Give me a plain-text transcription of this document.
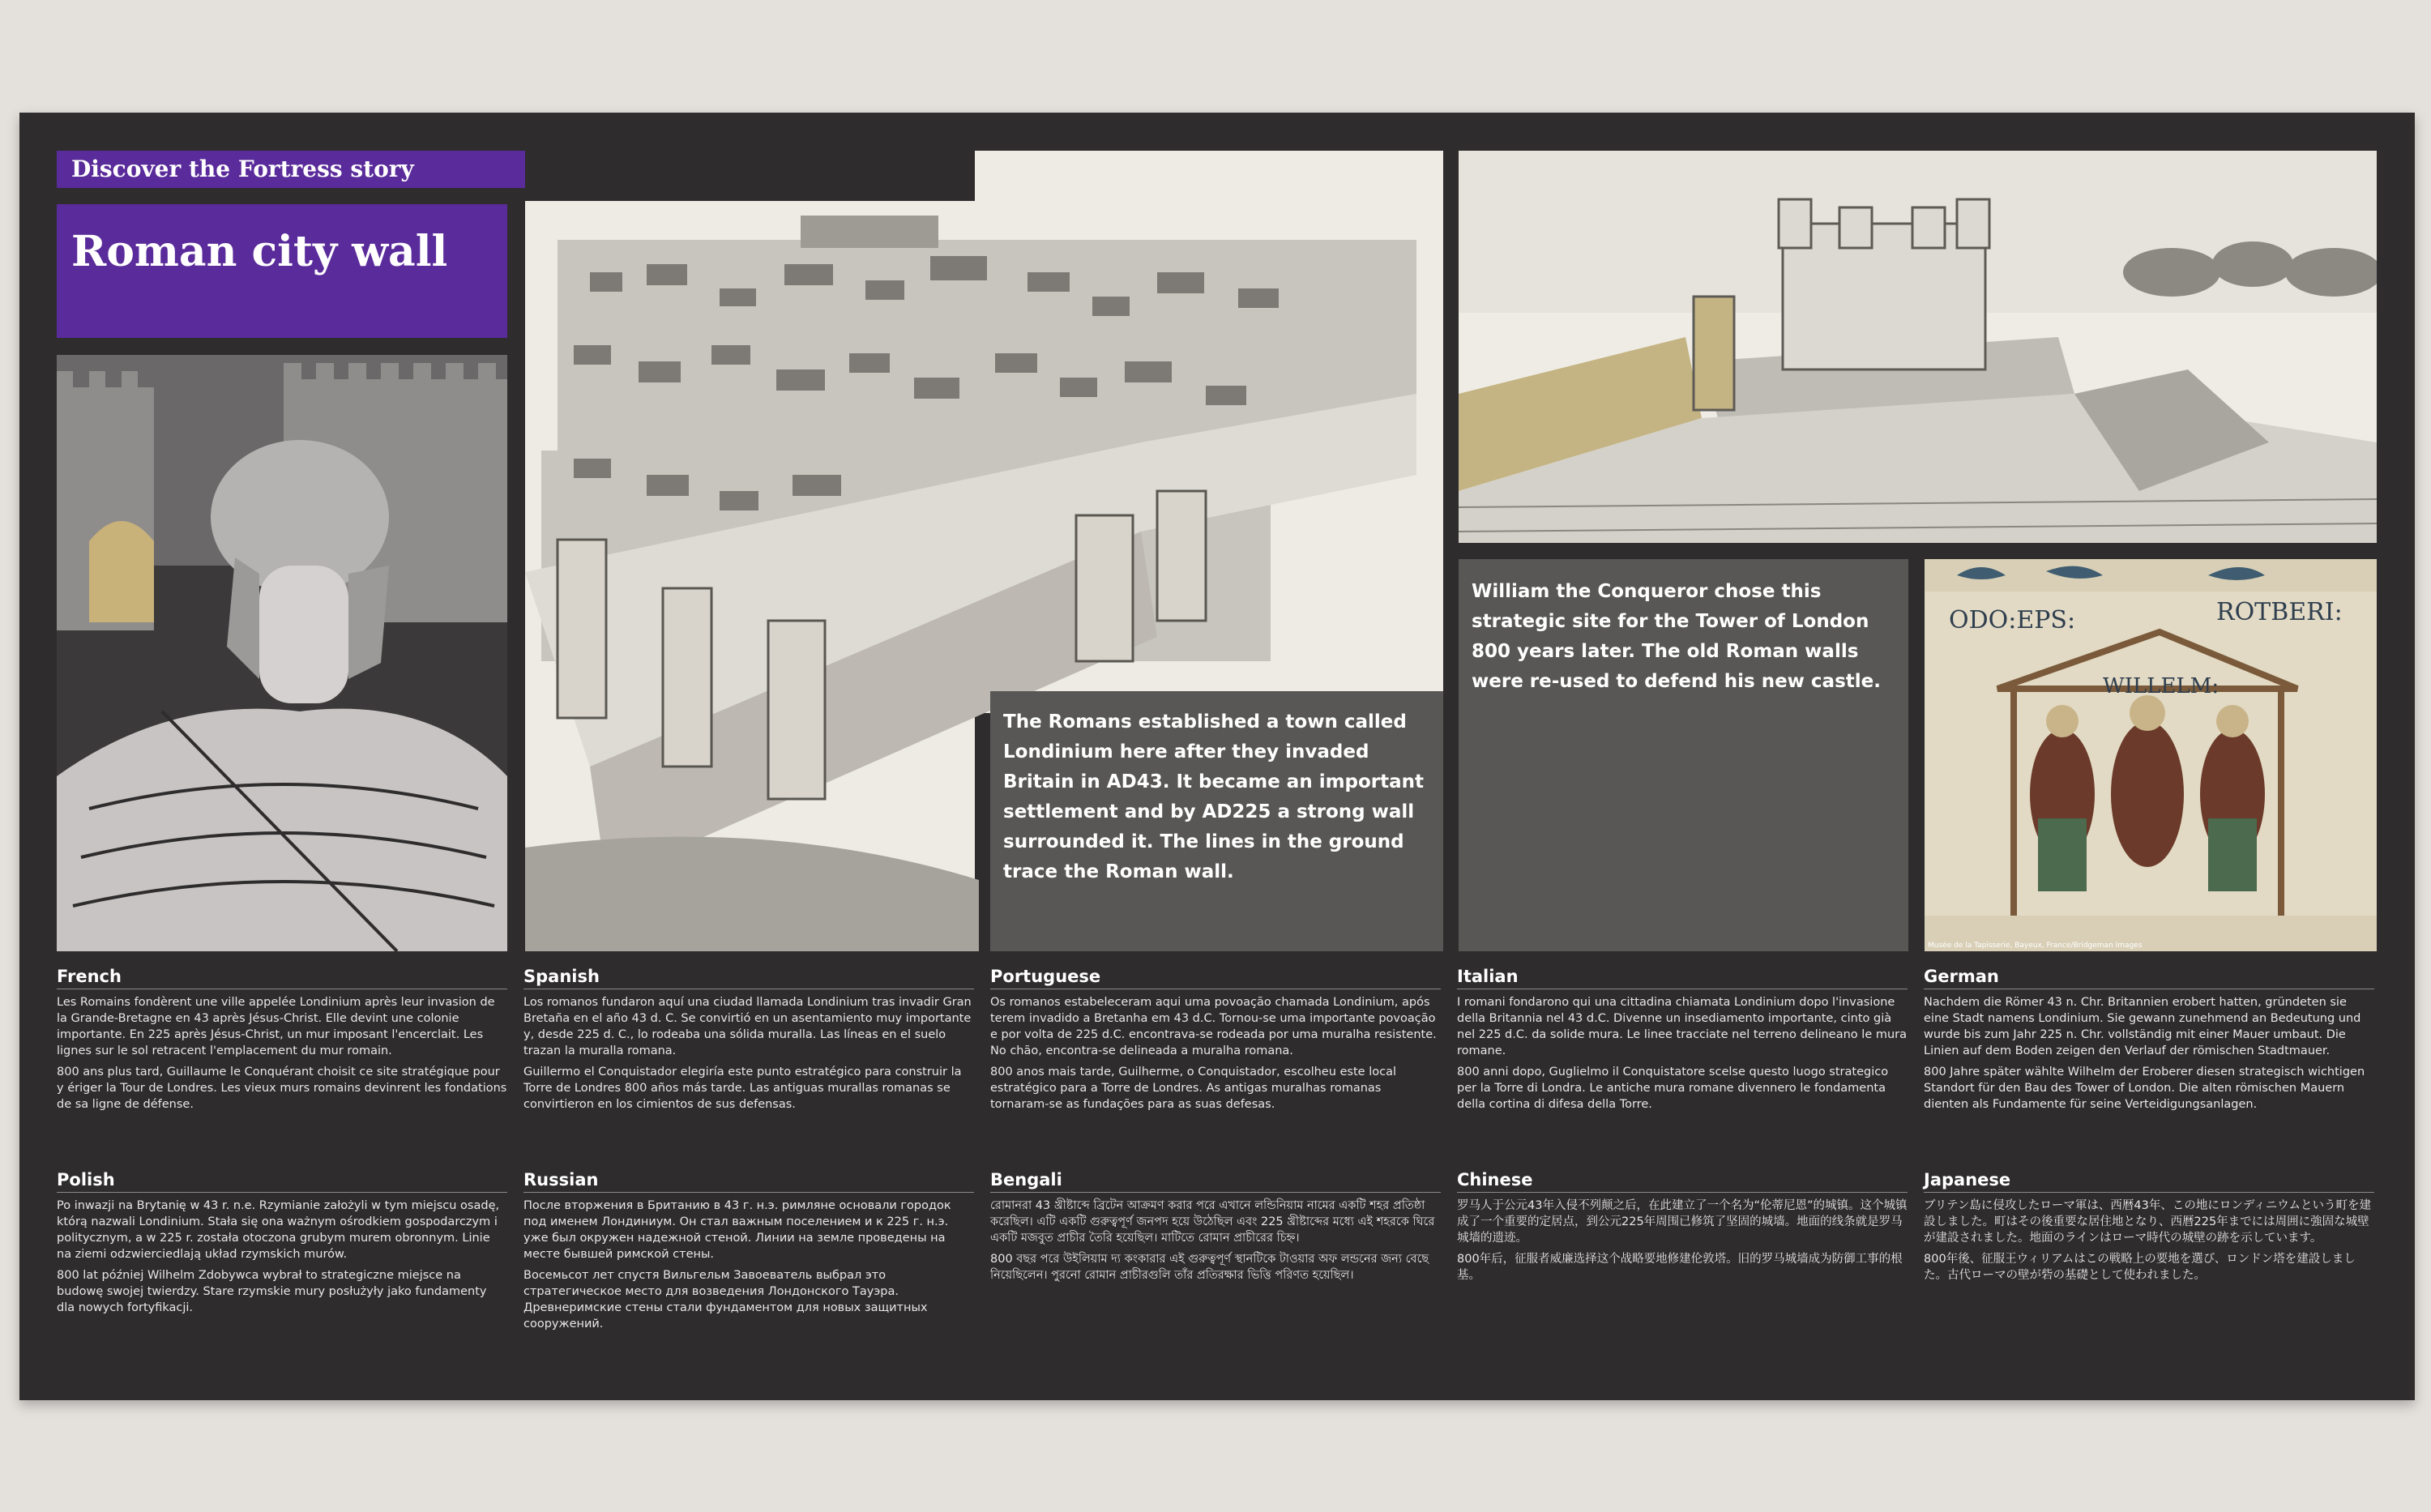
Discover the Fortress story
Roman city wall
The Romans established a town called Londinium here after they invaded Britain in AD43. It became an important settlement and by AD225 a strong wall surrounded it. The lines in the ground trace the Roman wall.
William the Conqueror chose this strategic site for the Tower of London 800 years later. The old Roman walls were re-used to defend his new castle.
ODO:EPS:	ROTBERI:
WILLELM:
Musée de la Tapisserie, Bayeux, France/Bridgeman Images
French

Les Romains fondèrent une ville appelée Londinium après leur invasion de la Grande-Bretagne en 43 après Jésus-Christ. Elle devint une colonie importante. En 225 après Jésus-Christ, un mur imposant l'encerclait. Les lignes sur le sol retracent l'emplacement du mur romain.

800 ans plus tard, Guillaume le Conquérant choisit ce site stratégique pour y ériger la Tour de Londres. Les vieux murs romains devinrent les fondations de sa ligne de défense.

Spanish

Los romanos fundaron aquí una ciudad llamada Londinium tras invadir Gran Bretaña en el año 43 d. C. Se convirtió en un asentamiento muy importante y, desde 225 d. C., lo rodeaba una sólida muralla. Las líneas en el suelo trazan la muralla romana.

Guillermo el Conquistador elegiría este punto estratégico para construir la Torre de Londres 800 años más tarde. Las antiguas murallas romanas se convirtieron en los cimientos de sus defensas.

Portuguese

Os romanos estabeleceram aqui uma povoação chamada Londinium, após terem invadido a Bretanha em 43 d.C. Tornou-se uma importante povoação e por volta de 225 d.C. encontrava-se rodeada por uma muralha resistente. No chão, encontra-se delineada a muralha romana.

800 anos mais tarde, Guilherme, o Conquistador, escolheu este local estratégico para a Torre de Londres. As antigas muralhas romanas tornaram-se as fundações para as suas defesas.

Italian

I romani fondarono qui una cittadina chiamata Londinium dopo l'invasione della Britannia nel 43 d.C. Divenne un insediamento importante, cinto già nel 225 d.C. da solide mura. Le linee tracciate nel terreno delineano le mura romane.

800 anni dopo, Guglielmo il Conquistatore scelse questo luogo strategico per la Torre di Londra. Le antiche mura romane divennero le fondamenta della cortina di difesa della Torre.

German

Nachdem die Römer 43 n. Chr. Britannien erobert hatten, gründeten sie eine Stadt namens Londinium. Sie gewann zunehmend an Bedeutung und wurde bis zum Jahr 225 n. Chr. vollständig mit einer Mauer umbaut. Die Linien auf dem Boden zeigen den Verlauf der römischen Stadtmauer.

800 Jahre später wählte Wilhelm der Eroberer diesen strategisch wichtigen Standort für den Bau des Tower of London. Die alten römischen Mauern dienten als Fundamente für seine Verteidigungsanlagen.

Polish

Po inwazji na Brytanię w 43 r. n.e. Rzymianie założyli w tym miejscu osadę, którą nazwali Londinium. Stała się ona ważnym ośrodkiem gospodarczym i politycznym, a w 225 r. została otoczona grubym murem obronnym. Linie na ziemi odzwierciedlają układ rzymskich murów.

800 lat później Wilhelm Zdobywca wybrał to strategiczne miejsce na budowę swojej twierdzy. Stare rzymskie mury posłużyły jako fundamenty dla nowych fortyfikacji.

Russian

После вторжения в Британию в 43 г. н.э. римляне основали городок под именем Лондиниум. Он стал важным поселением и к 225 г. н.э. уже был окружен надежной стеной. Линии на земле проведены на месте бывшей римской стены.

Восемьсот лет спустя Вильгельм Завоеватель выбрал это стратегическое место для возведения Лондонского Тауэра. Древнеримские стены стали фундаментом для новых защитных сооружений.

Bengali

রোমানরা 43 খ্রীষ্টাব্দে ব্রিটেন আক্রমণ করার পরে এখানে লন্ডিনিয়াম নামের একটি শহর প্রতিষ্ঠা করেছিল। এটি একটি গুরুত্বপূর্ণ জনপদ হয়ে উঠেছিল এবং 225 খ্রীষ্টাব্দের মধ্যে এই শহরকে ঘিরে একটি মজবুত প্রাচীর তৈরি হয়েছিল। মাটিতে রোমান প্রাচীরের চিহ্ন।

800 বছর পরে উইলিয়াম দ্য কংকারার এই গুরুত্বপূর্ণ স্থানটিকে টাওয়ার অফ লন্ডনের জন্য বেছে নিয়েছিলেন। পুরনো রোমান প্রাচীরগুলি তাঁর প্রতিরক্ষার ভিত্তি পরিণত হয়েছিল।

Chinese

罗马人于公元43年入侵不列颠之后，在此建立了一个名为“伦蒂尼恩”的城镇。这个城镇成了一个重要的定居点，到公元225年周围已修筑了坚固的城墙。地面的线条就是罗马城墙的遗迹。

800年后，征服者威廉选择这个战略要地修建伦敦塔。旧的罗马城墙成为防御工事的根基。

Japanese

ブリテン島に侵攻したローマ軍は、西暦43年、この地にロンディニウムという町を建設しました。町はその後重要な居住地となり、西暦225年までには周囲に強固な城壁が建設されました。地面のラインはローマ時代の城壁の跡を示しています。

800年後、征服王ウィリアムはこの戦略上の要地を選び、ロンドン塔を建設しました。古代ローマの壁が砦の基礎として使われました。
